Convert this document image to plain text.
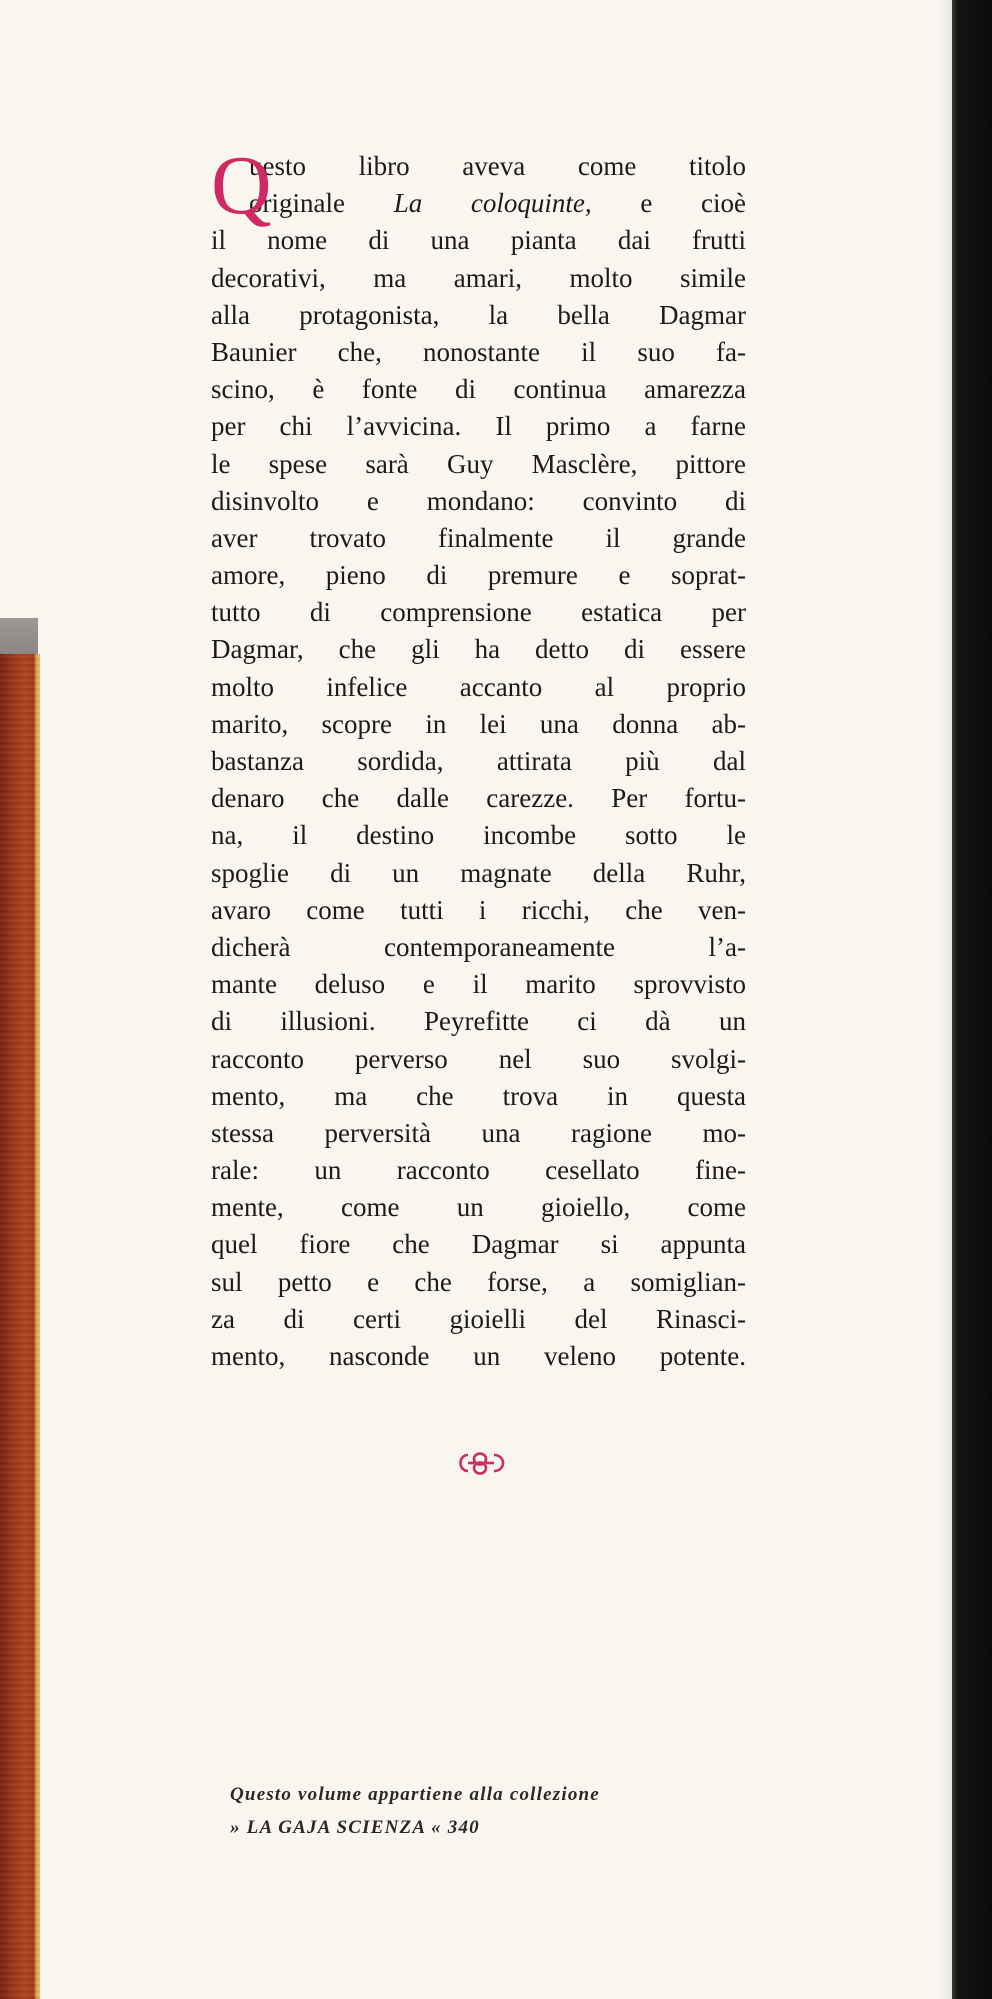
Q
uesto libro aveva come titolo
originale La coloquinte, e cioè
il nome di una pianta dai frutti
decorativi, ma amari, molto simile
alla protagonista, la bella Dagmar
Baunier che, nonostante il suo fa-
scino, è fonte di continua amarezza
per chi l’avvicina. Il primo a farne
le spese sarà Guy Masclère, pittore
disinvolto e mondano: convinto di
aver trovato finalmente il grande
amore, pieno di premure e soprat-
tutto di comprensione estatica per
Dagmar, che gli ha detto di essere
molto infelice accanto al proprio
marito, scopre in lei una donna ab-
bastanza sordida, attirata più dal
denaro che dalle carezze. Per fortu-
na, il destino incombe sotto le
spoglie di un magnate della Ruhr,
avaro come tutti i ricchi, che ven-
dicherà contemporaneamente l’a-
mante deluso e il marito sprovvisto
di illusioni. Peyrefitte ci dà un
racconto perverso nel suo svolgi-
mento, ma che trova in questa
stessa perversità una ragione mo-
rale: un racconto cesellato fine-
mente, come un gioiello, come
quel fiore che Dagmar si appunta
sul petto e che forse, a somiglian-
za di certi gioielli del Rinasci-
mento, nasconde un veleno potente.
Questo volume appartiene alla collezione
» LA GAJA SCIENZA « 340
